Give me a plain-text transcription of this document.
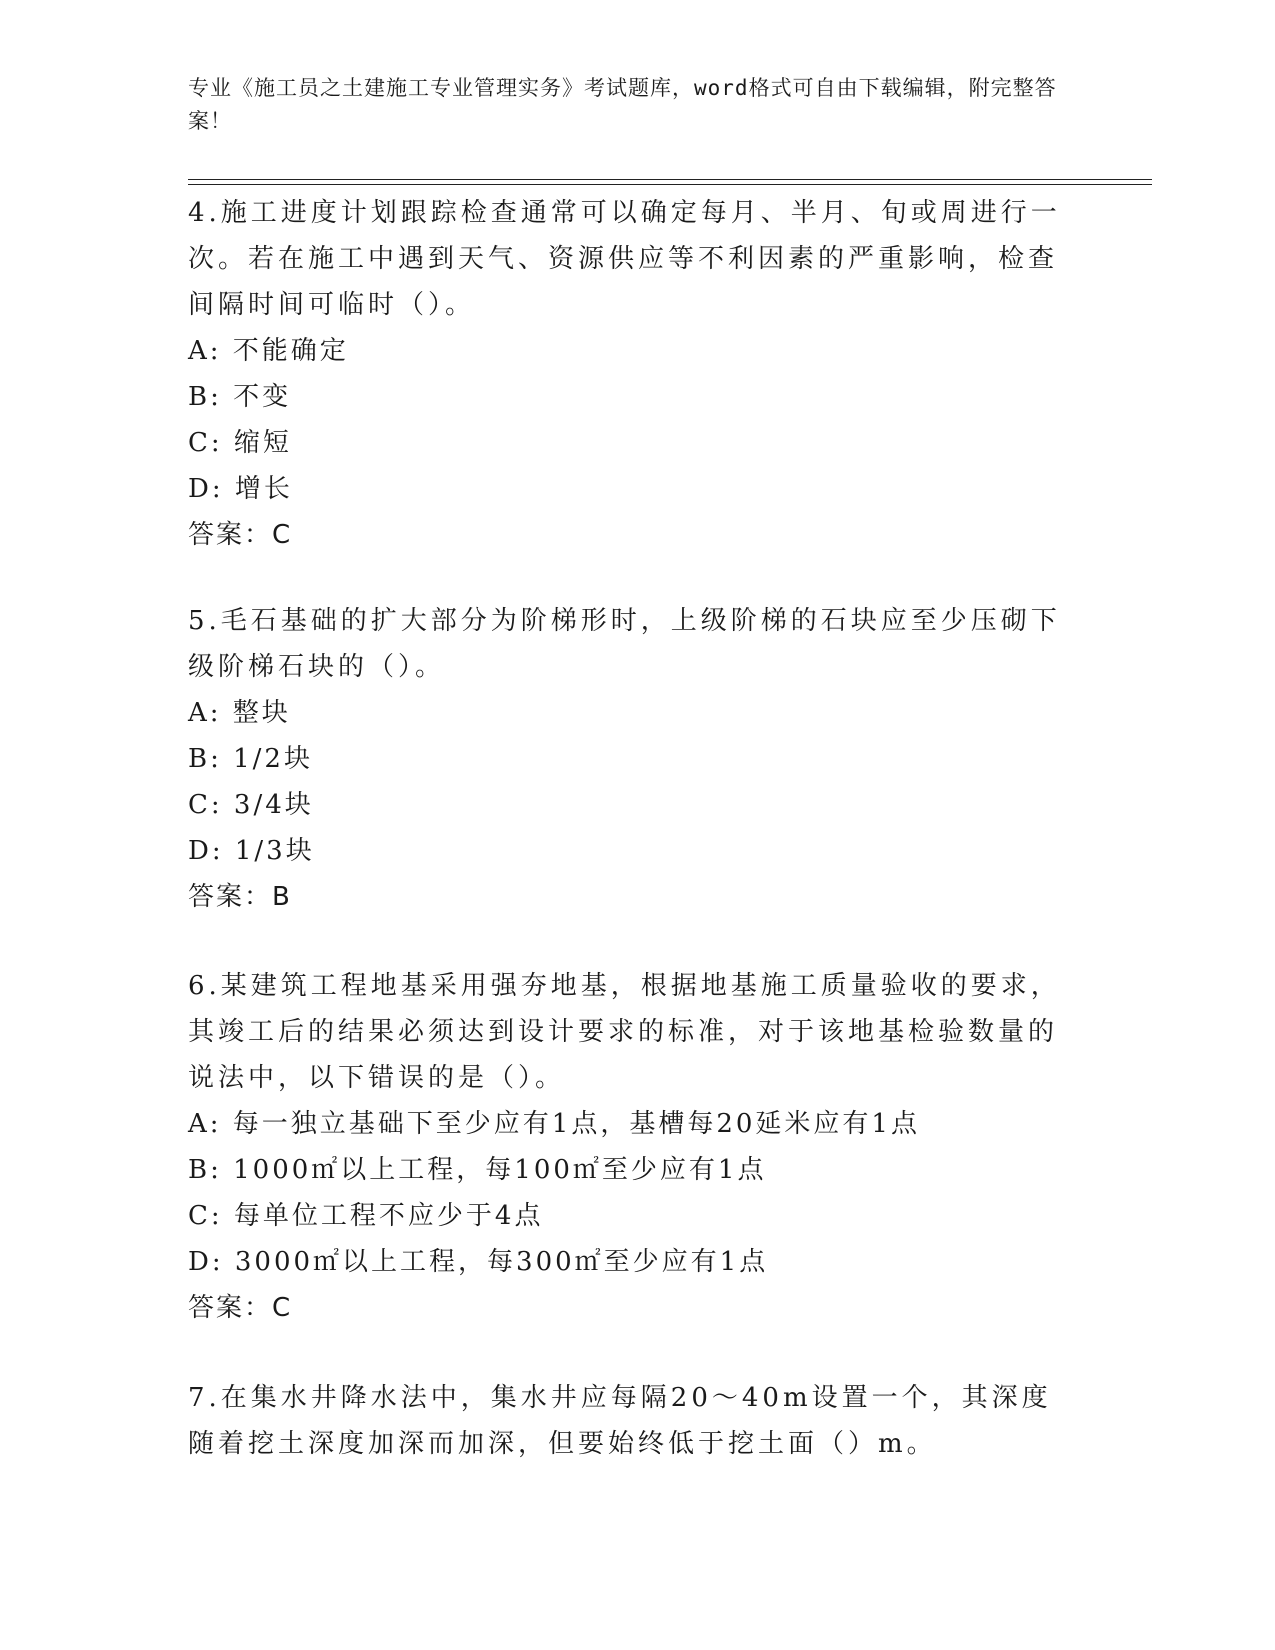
专业《施工员之土建施工专业管理实务》考试题库，word格式可自由下载编辑，附完整答案！

4.施工进度计划跟踪检查通常可以确定每月、半月、旬或周进行一次。若在施工中遇到天气、资源供应等不利因素的严重影响，检查间隔时间可临时（）。

A: 不能确定

B: 不变

C: 缩短

D: 增长

答案：C

5.毛石基础的扩大部分为阶梯形时，上级阶梯的石块应至少压砌下级阶梯石块的（）。

A: 整块

B: 1/2块

C: 3/4块

D: 1/3块

答案：B

6.某建筑工程地基采用强夯地基，根据地基施工质量验收的要求，其竣工后的结果必须达到设计要求的标准，对于该地基检验数量的说法中，以下错误的是（）。

A: 每一独立基础下至少应有1点，基槽每20延米应有1点

B: 1000㎡以上工程，每100㎡至少应有1点

C: 每单位工程不应少于4点

D: 3000㎡以上工程，每300㎡至少应有1点

答案：C

7.在集水井降水法中，集水井应每隔20～40m设置一个，其深度随着挖土深度加深而加深，但要始终低于挖土面（）m。
